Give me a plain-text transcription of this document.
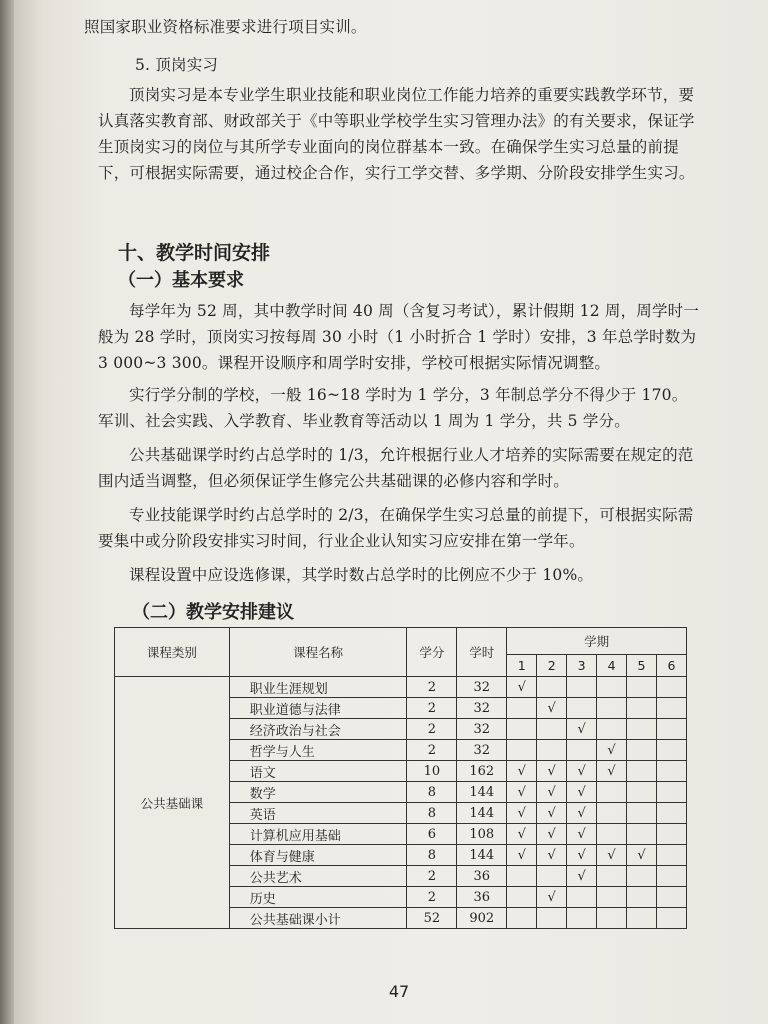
照国家职业资格标准要求进行项目实训。

5. 顶岗实习

顶岗实习是本专业学生职业技能和职业岗位工作能力培养的重要实践教学环节，要认真落实教育部、财政部关于《中等职业学校学生实习管理办法》的有关要求，保证学生顶岗实习的岗位与其所学专业面向的岗位群基本一致。在确保学生实习总量的前提下，可根据实际需要，通过校企合作，实行工学交替、多学期、分阶段安排学生实习。

十、教学时间安排
（一）基本要求

每学年为 52 周，其中教学时间 40 周（含复习考试），累计假期 12 周，周学时一般为 28 学时，顶岗实习按每周 30 小时（1 小时折合 1 学时）安排，3 年总学时数为 3 000~3 300。课程开设顺序和周学时安排，学校可根据实际情况调整。

实行学分制的学校，一般 16~18 学时为 1 学分，3 年制总学分不得少于 170。军训、社会实践、入学教育、毕业教育等活动以 1 周为 1 学分，共 5 学分。

公共基础课学时约占总学时的 1/3，允许根据行业人才培养的实际需要在规定的范围内适当调整，但必须保证学生修完公共基础课的必修内容和学时。

专业技能课学时约占总学时的 2/3，在确保学生实习总量的前提下，可根据实际需要集中或分阶段安排实习时间，行业企业认知实习应安排在第一学年。

课程设置中应设选修课，其学时数占总学时的比例应不少于 10%。

（二）教学安排建议
课程类别	课程名称	学分	学时	学期					
				1	2	3	4	5	6
公共基础课	职业生涯规划	2	32	√					
	职业道德与法律	2	32		√				
	经济政治与社会	2	32			√			
	哲学与人生	2	32				√		
	语文	10	162	√	√	√	√		
	数学	8	144	√	√	√			
	英语	8	144	√	√	√			
	计算机应用基础	6	108	√	√	√			
	体育与健康	8	144	√	√	√	√	√	
	公共艺术	2	36			√			
	历史	2	36		√				
	公共基础课小计	52	902						
47
